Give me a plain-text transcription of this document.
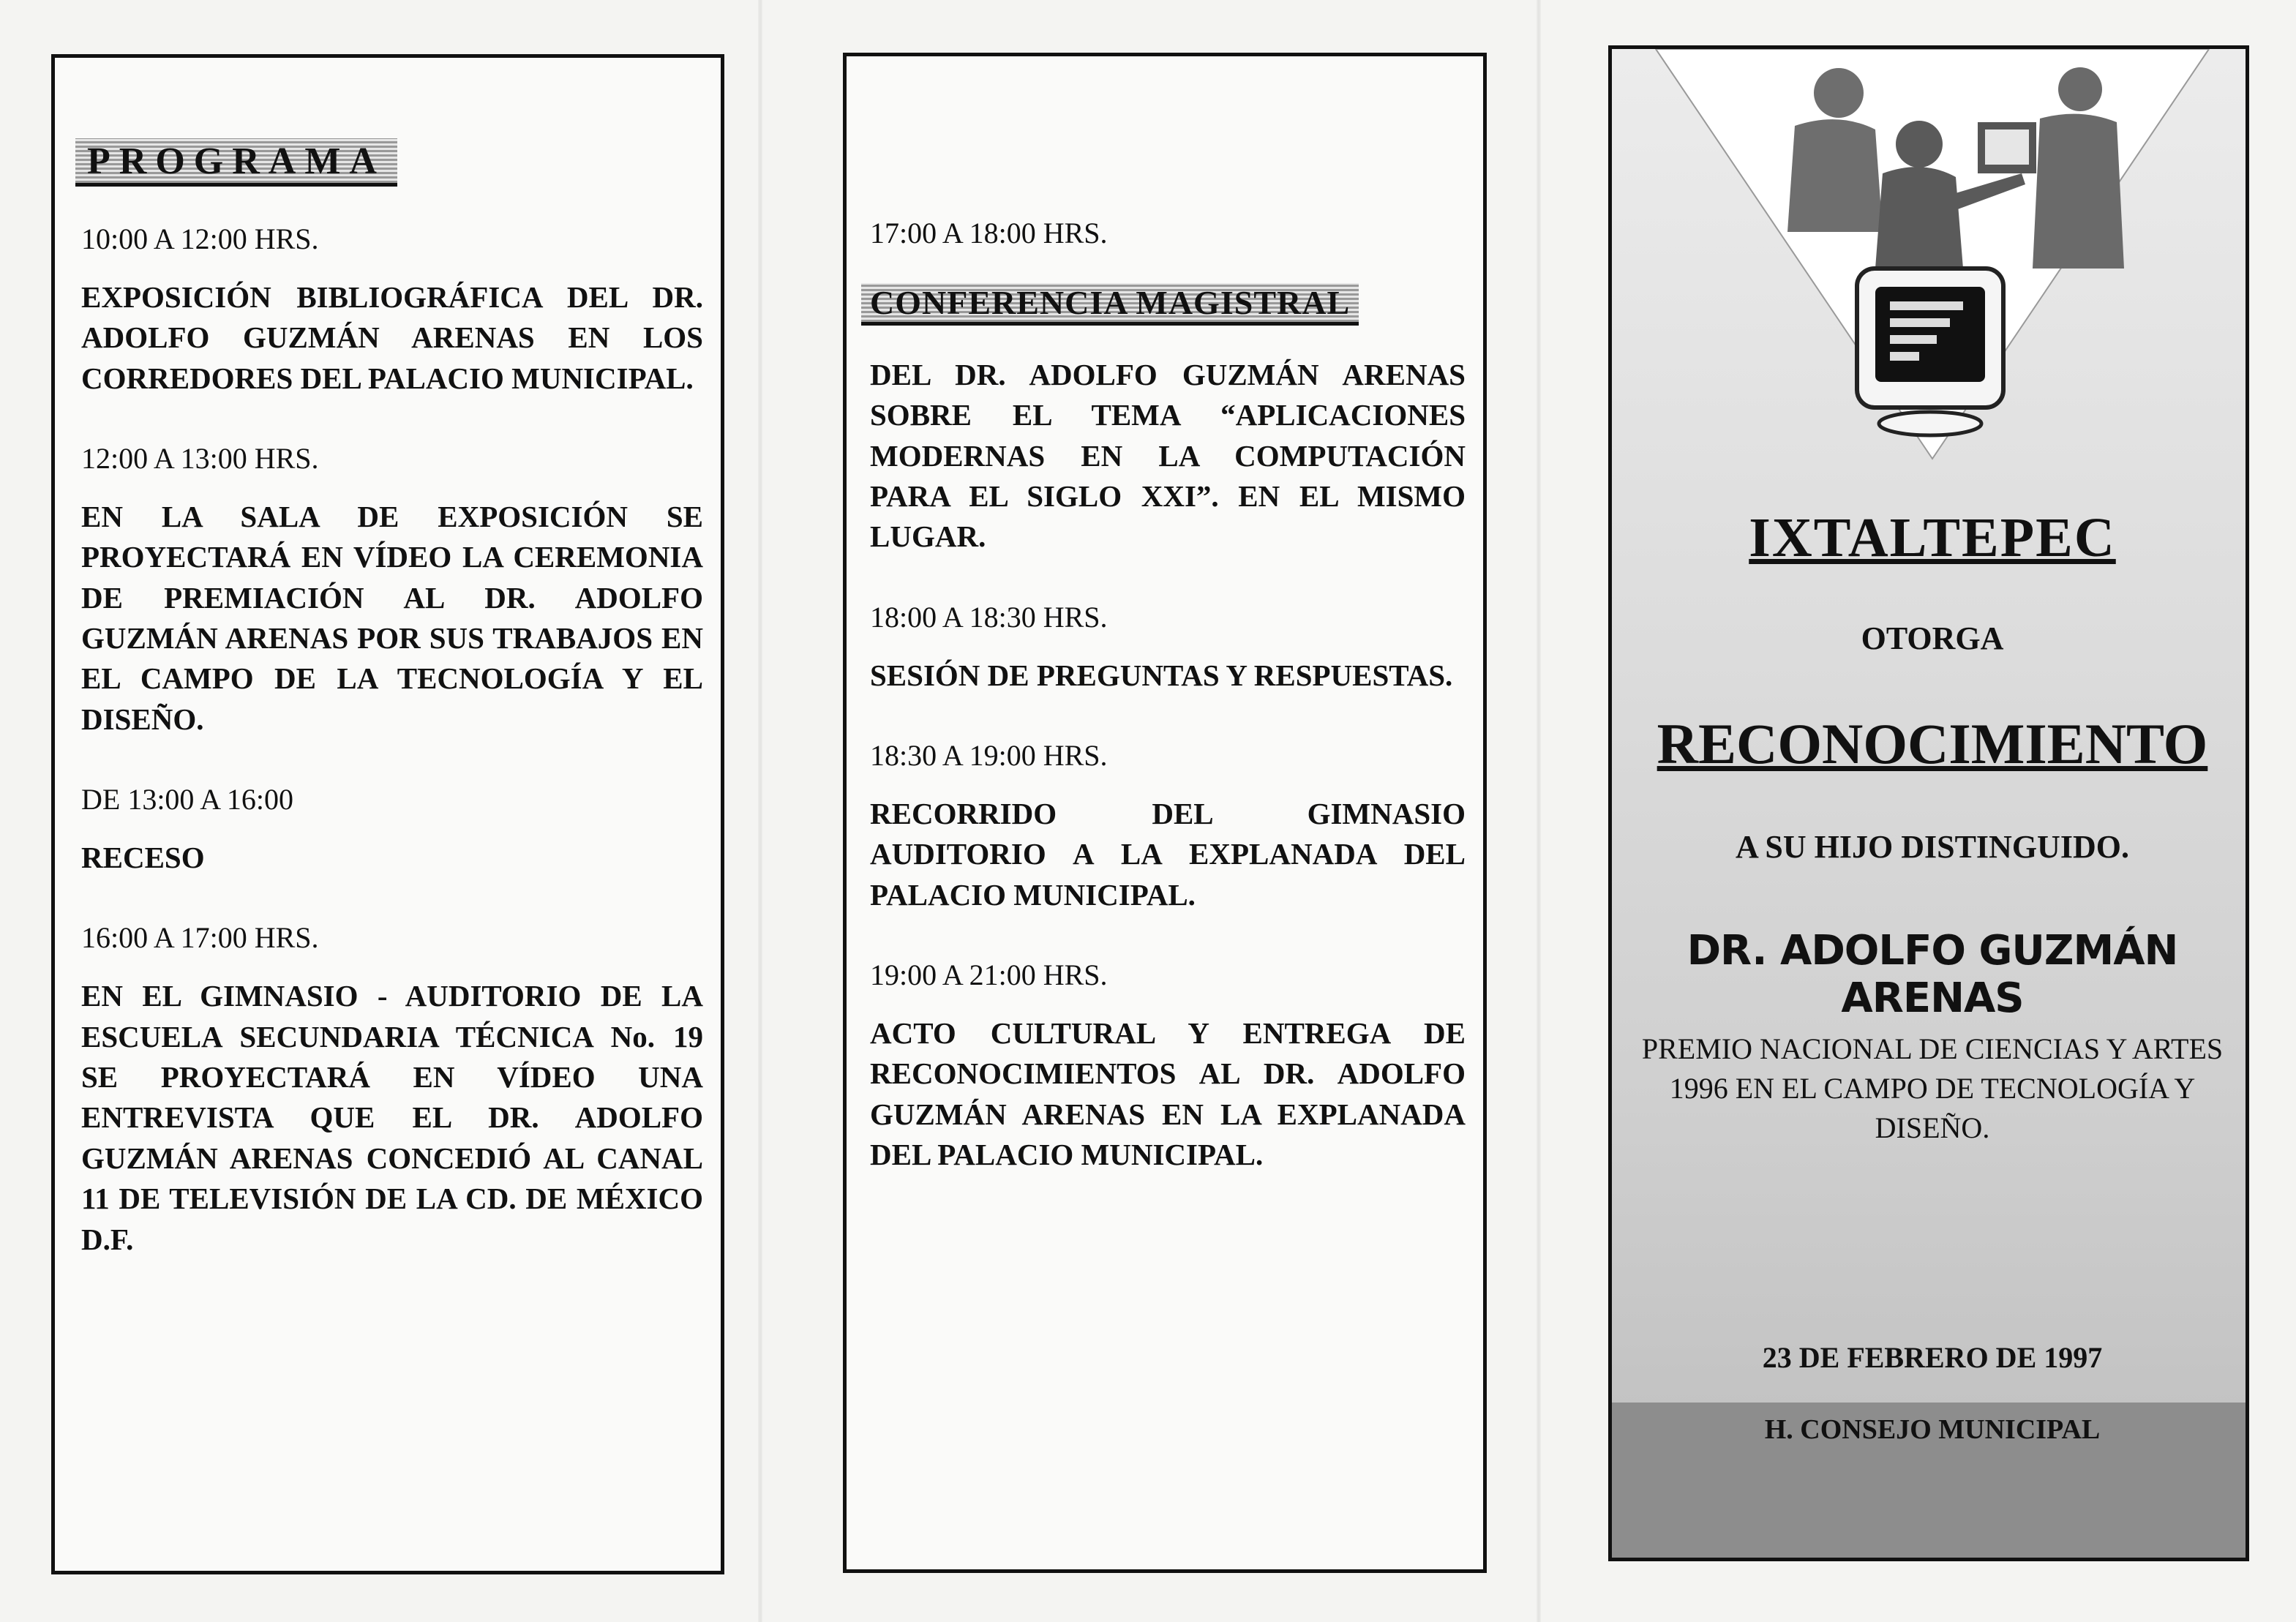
PROGRAMA
10:00 A 12:00 HRS.
EXPOSICIÓN BIBLIOGRÁFICA DEL DR. ADOLFO GUZMÁN ARENAS EN LOS CORREDORES DEL PALACIO MUNICIPAL.
12:00 A 13:00 HRS.
EN LA SALA DE EXPOSICIÓN SE PROYECTARÁ EN VÍDEO LA CEREMONIA DE PREMIACIÓN AL DR. ADOLFO GUZMÁN ARENAS POR SUS TRABAJOS EN EL CAMPO DE LA TECNOLOGÍA Y EL DISEÑO.
DE 13:00 A 16:00
RECESO
16:00 A 17:00 HRS.
EN EL GIMNASIO - AUDITORIO DE LA ESCUELA SECUNDARIA TÉCNICA No. 19 SE PROYECTARÁ EN VÍDEO UNA ENTREVISTA QUE EL DR. ADOLFO GUZMÁN ARENAS CONCEDIÓ AL CANAL 11 DE TELEVISIÓN DE LA CD. DE MÉXICO D.F.
17:00 A 18:00 HRS.
CONFERENCIA MAGISTRAL
DEL DR. ADOLFO GUZMÁN ARENAS SOBRE EL TEMA “APLICACIONES MODERNAS EN LA COMPUTACIÓN PARA EL SIGLO XXI”. EN EL MISMO LUGAR.
18:00 A 18:30 HRS.
SESIÓN DE PREGUNTAS Y RESPUESTAS.
18:30 A 19:00 HRS.
RECORRIDO DEL GIMNASIO AUDITORIO A LA EXPLANADA DEL PALACIO MUNICIPAL.
19:00 A 21:00 HRS.
ACTO CULTURAL Y ENTREGA DE RECONOCIMIENTOS AL DR. ADOLFO GUZMÁN ARENAS EN LA EXPLANADA DEL PALACIO MUNICIPAL.
IXTALTEPEC
OTORGA
RECONOCIMIENTO
A SU HIJO DISTINGUIDO.
DR. ADOLFO GUZMÁN ARENAS
PREMIO NACIONAL DE CIENCIAS Y ARTES 1996 EN EL CAMPO DE TECNOLOGÍA Y DISEÑO.
23 DE FEBRERO DE 1997
H. CONSEJO MUNICIPAL
